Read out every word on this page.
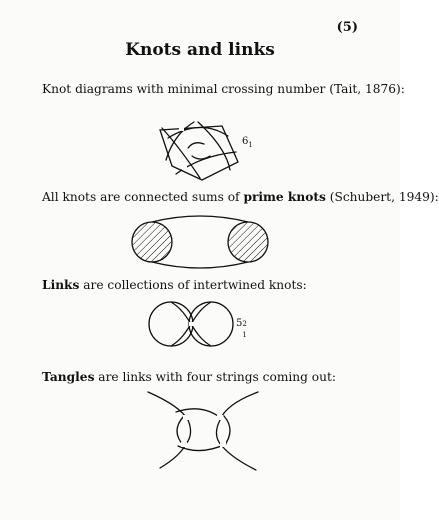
(5)
Knots and links
Knot diagrams with minimal crossing number (Tait, 1876):
$6_1$
All knots are connected sums of prime knots (Schubert, 1949):
Links are collections of intertwined knots:
5 2
1
Tangles are links with four strings coming out:
